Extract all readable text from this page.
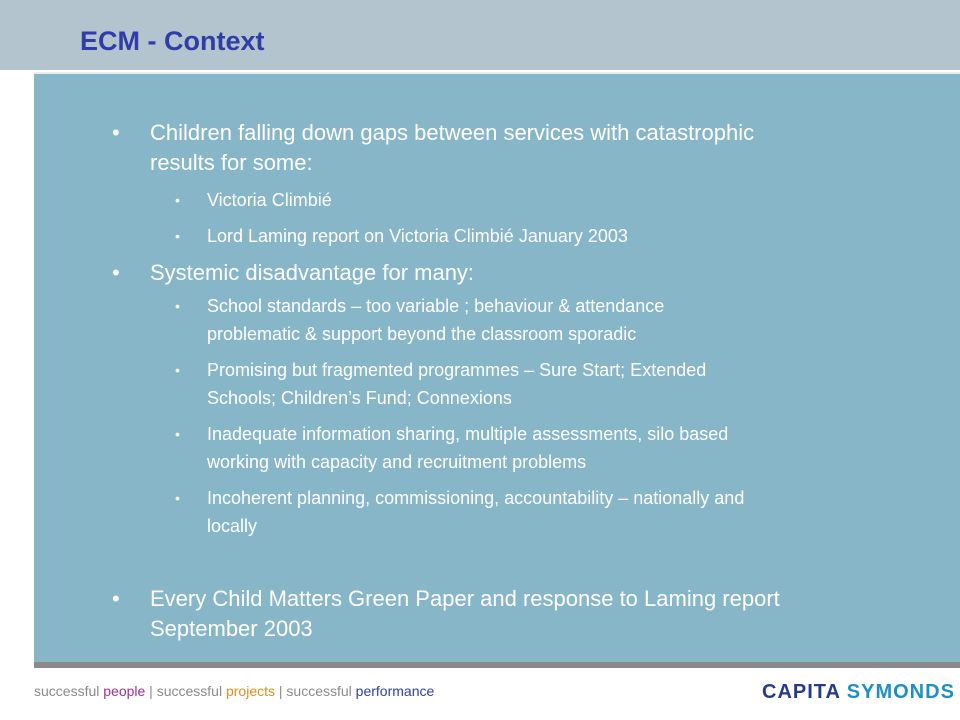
ECM - Context
• Children falling down gaps between services with catastrophic
results for some:
• Victoria Climbié
• Lord Laming report on Victoria Climbié January 2003
• Systemic disadvantage for many:
• School standards – too variable ; behaviour & attendance
problematic & support beyond the classroom sporadic
• Promising but fragmented programmes – Sure Start; Extended
Schools; Children’s Fund; Connexions
• Inadequate information sharing, multiple assessments, silo based
working with capacity and recruitment problems
• Incoherent planning, commissioning, accountability – nationally and
locally
• Every Child Matters Green Paper and response to Laming report
September 2003
successful people | successful projects | successful performance	CAPITA SYMONDS
